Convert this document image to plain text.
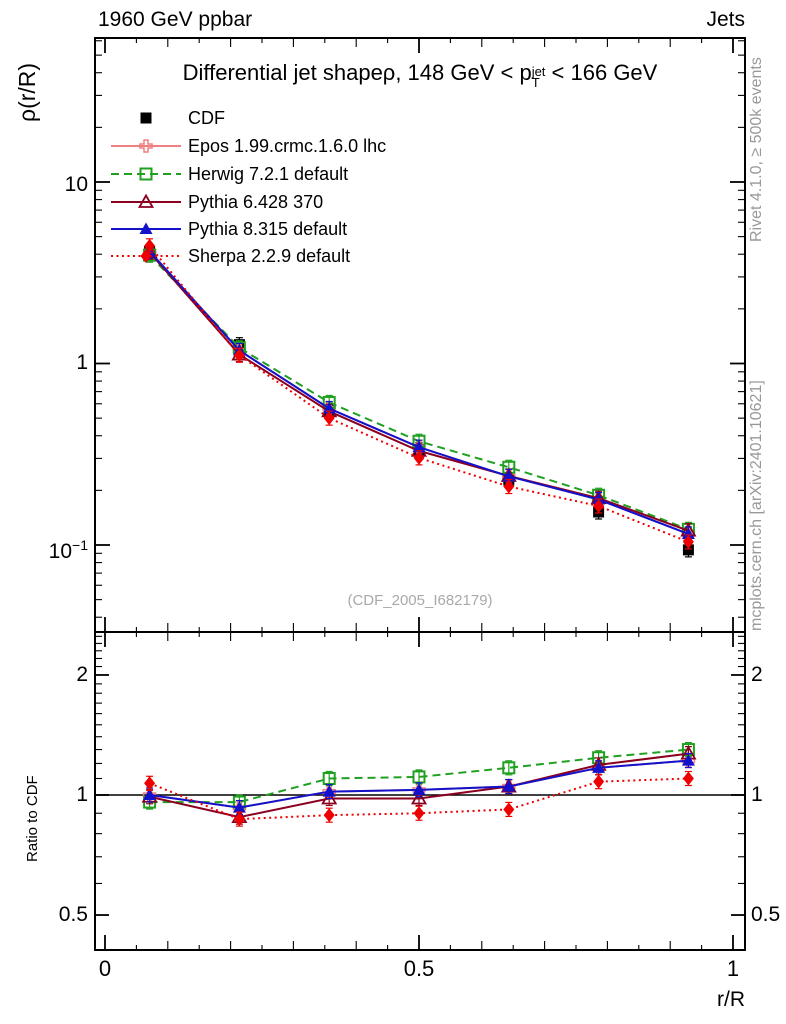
1960 GeV ppbar	Jets
Differential jet shapeρ, 148 GeV < pjet
T < 166 GeV
ρ(r/R)
Ratio to CDF
Rivet 4.1.0, ≥ 500k events
mcplots.cern.ch [arXiv:2401.10621]
10
1
$10^{-1}$
2
1
0.5
2
1
0.5
0	0.5	1
r/R
CDF
Epos 1.99.crmc.1.6.0 lhc
Herwig 7.2.1 default
Pythia 6.428 370
Pythia 8.315 default
Sherpa 2.2.9 default
(CDF_2005_I682179)
